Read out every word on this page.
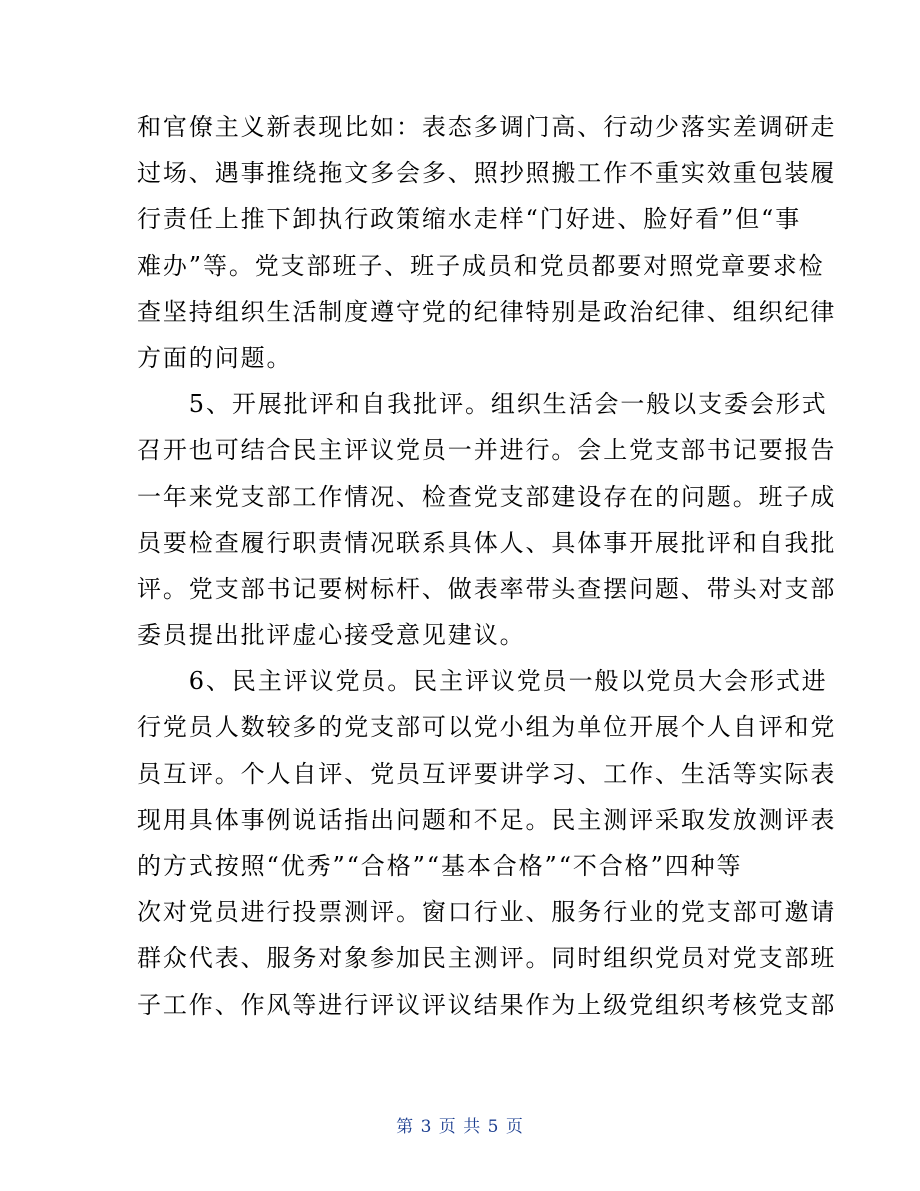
和官僚主义新表现比如：表态多调门高、行动少落实差调研走
过场、遇事推绕拖文多会多、照抄照搬工作不重实效重包装履
行责任上推下卸执行政策缩水走样“门好进、脸好看”但“事
难办”等。党支部班子、班子成员和党员都要对照党章要求检
查坚持组织生活制度遵守党的纪律特别是政治纪律、组织纪律
方面的问题。
　　5、开展批评和自我批评。组织生活会一般以支委会形式
召开也可结合民主评议党员一并进行。会上党支部书记要报告
一年来党支部工作情况、检查党支部建设存在的问题。班子成
员要检查履行职责情况联系具体人、具体事开展批评和自我批
评。党支部书记要树标杆、做表率带头查摆问题、带头对支部
委员提出批评虚心接受意见建议。
　　6、民主评议党员。民主评议党员一般以党员大会形式进
行党员人数较多的党支部可以党小组为单位开展个人自评和党
员互评。个人自评、党员互评要讲学习、工作、生活等实际表
现用具体事例说话指出问题和不足。民主测评采取发放测评表
的方式按照“优秀”“合格”“基本合格”“不合格”四种等
次对党员进行投票测评。窗口行业、服务行业的党支部可邀请
群众代表、服务对象参加民主测评。同时组织党员对党支部班
子工作、作风等进行评议评议结果作为上级党组织考核党支部
第 3 页 共 5 页
